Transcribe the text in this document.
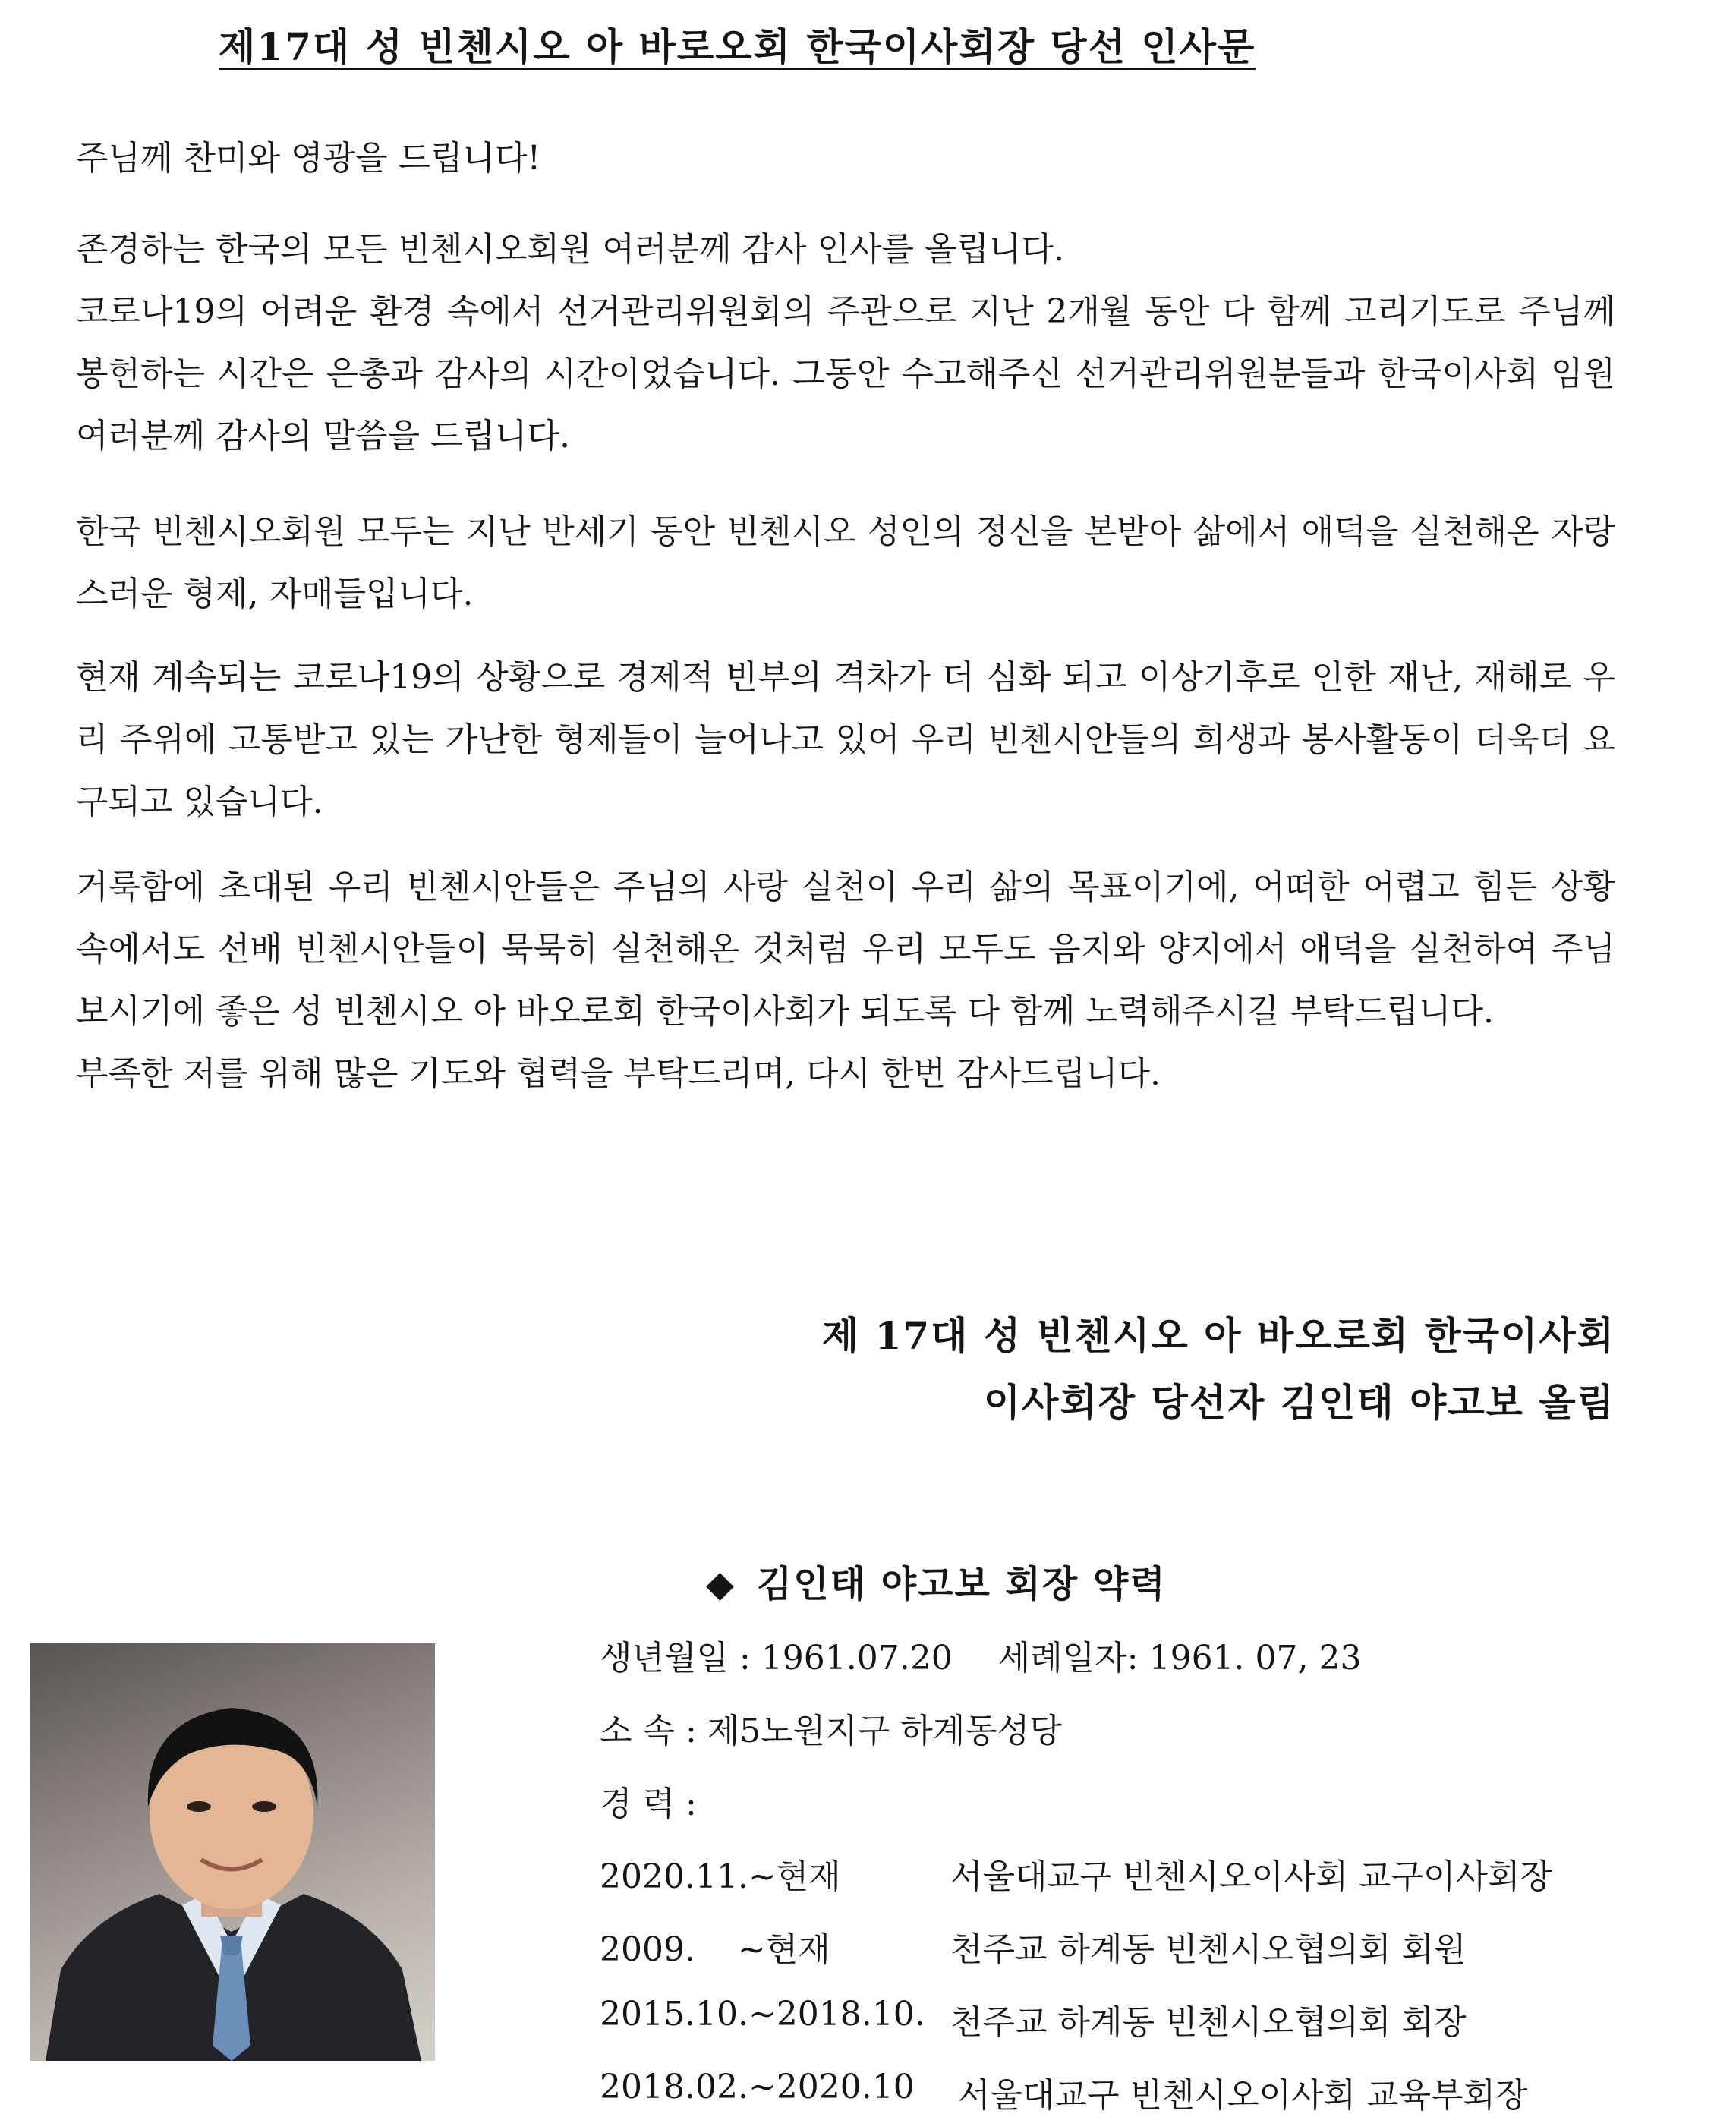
제17대 성 빈첸시오 아 바로오회 한국이사회장 당선 인사문

주님께 찬미와 영광을 드립니다!

존경하는 한국의 모든 빈첸시오회원 여러분께 감사 인사를 올립니다.
코로나19의 어려운 환경 속에서 선거관리위원회의 주관으로 지난 2개월 동안 다 함께 고리기도로 주님께 봉헌하는 시간은 은총과 감사의 시간이었습니다. 그동안 수고해주신 선거관리위원분들과 한국이사회 임원 여러분께 감사의 말씀을 드립니다.

한국 빈첸시오회원 모두는 지난 반세기 동안 빈첸시오 성인의 정신을 본받아 삶에서 애덕을 실천해온 자랑스러운 형제, 자매들입니다.

현재 계속되는 코로나19의 상황으로 경제적 빈부의 격차가 더 심화 되고 이상기후로 인한 재난, 재해로 우리 주위에 고통받고 있는 가난한 형제들이 늘어나고 있어 우리 빈첸시안들의 희생과 봉사활동이 더욱더 요구되고 있습니다.

거룩함에 초대된 우리 빈첸시안들은 주님의 사랑 실천이 우리 삶의 목표이기에, 어떠한 어렵고 힘든 상황 속에서도 선배 빈첸시안들이 묵묵히 실천해온 것처럼 우리 모두도 음지와 양지에서 애덕을 실천하여 주님 보시기에 좋은 성 빈첸시오 아 바오로회 한국이사회가 되도록 다 함께 노력해주시길 부탁드립니다.
부족한 저를 위해 많은 기도와 협력을 부탁드리며, 다시 한번 감사드립니다.

제 17대 성 빈첸시오 아 바오로회 한국이사회

이사회장 당선자 김인태 야고보 올림

◆ 김인태 야고보 회장 약력

생년월일 : 1961.07.20 세례일자: 1961. 07, 23

소 속 : 제5노원지구 하계동성당

경 력 :

2020.11.~현재	서울대교구 빈첸시오이사회 교구이사회장

2009.    ~현재	천주교 하계동 빈첸시오협의회 회원

2015.10.~2018.10. 천주교 하계동 빈첸시오협의회 회장

2018.02.~2020.10 서울대교구 빈첸시오이사회 교육부회장
